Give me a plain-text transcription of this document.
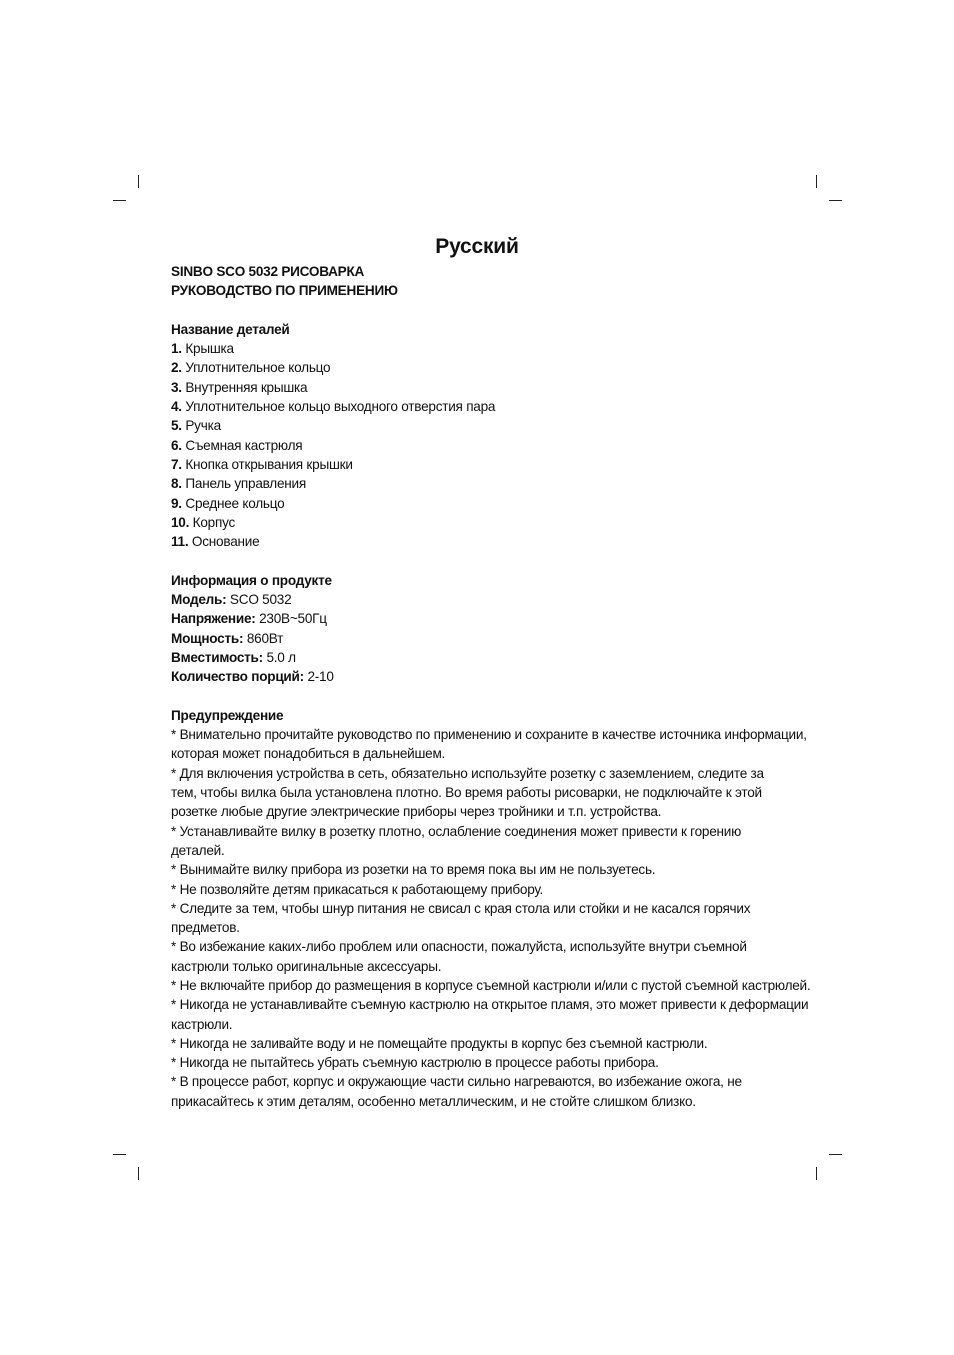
Русский
SINBO SCO 5032 РИСОВАРКА
РУКОВОДСТВО ПО ПРИМЕНЕНИЮ
Название деталей
1. Крышка
2. Уплотнительное кольцо
3. Внутренняя крышка
4. Уплотнительное кольцо выходного отверстия пара
5. Ручка
6. Съемная кастрюля
7. Кнопка открывания крышки
8. Панель управления
9. Среднее кольцо
10. Корпус
11. Основание
Информация о продукте
Модель: SCO 5032
Напряжение: 230В~50Гц
Мощность: 860Вт
Вместимость: 5.0 л
Количество порций: 2-10
Предупреждение
* Внимательно прочитайте руководство по применению и сохраните в качестве источника информации,
которая может понадобиться в дальнейшем.
* Для включения устройства в сеть, обязательно используйте розетку с заземлением, следите за
тем, чтобы вилка была установлена плотно. Во время работы рисоварки, не подключайте к этой
розетке любые другие электрические приборы через тройники и т.п. устройства.
* Устанавливайте вилку в розетку плотно, ослабление соединения может привести к горению
деталей.
* Вынимайте вилку прибора из розетки на то время пока вы им не пользуетесь.
* Не позволяйте детям прикасаться к работающему прибору.
* Следите за тем, чтобы шнур питания не свисал с края стола или стойки и не касался горячих
предметов.
* Во избежание каких-либо проблем или опасности, пожалуйста, используйте внутри съемной
кастрюли только оригинальные аксессуары.
* Не включайте прибор до размещения в корпусе съемной кастрюли и/или с пустой съемной кастрюлей.
* Никогда не устанавливайте съемную кастрюлю на открытое пламя, это может привести к деформации
кастрюли.
* Никогда не заливайте воду и не помещайте продукты в корпус без съемной кастрюли.
* Никогда не пытайтесь убрать съемную кастрюлю в процессе работы прибора.
* В процессе работ, корпус и окружающие части сильно нагреваются, во избежание ожога, не
прикасайтесь к этим деталям, особенно металлическим, и не стойте слишком близко.
